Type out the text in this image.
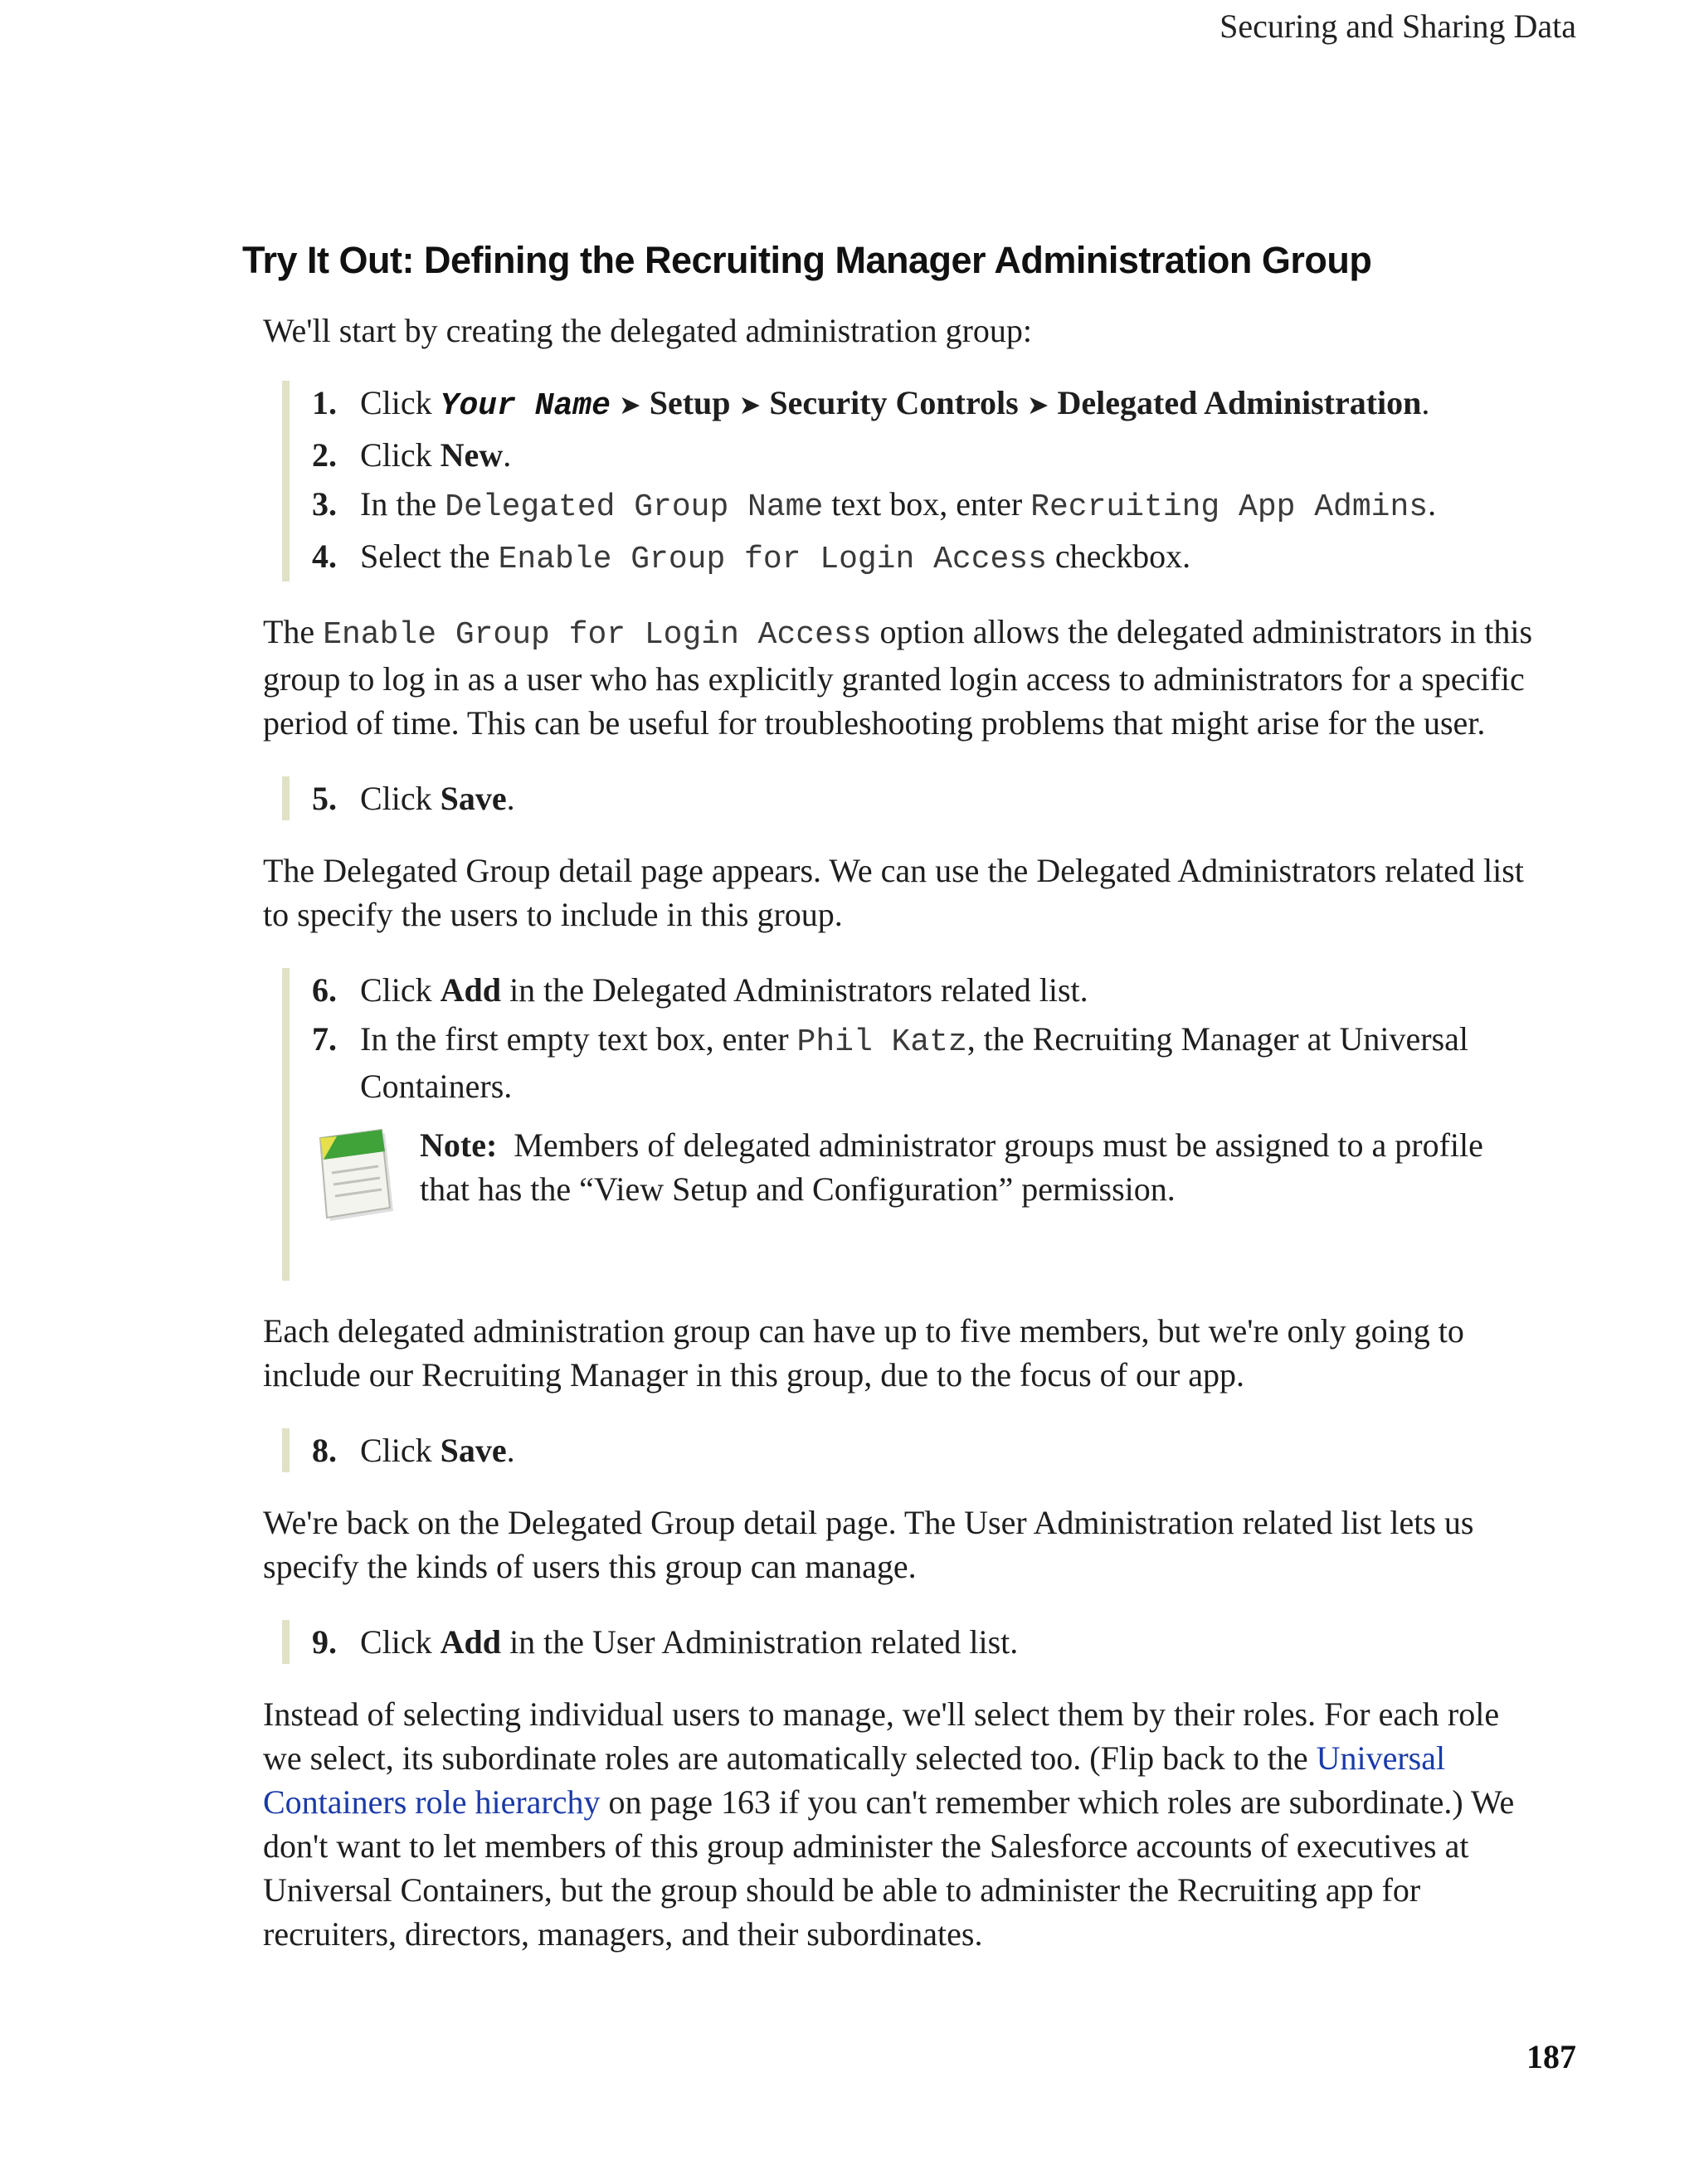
Securing and Sharing Data
Try It Out: Defining the Recruiting Manager Administration Group

We'll start by creating the delegated administration group:

1. Click Your Name ➤ Setup ➤ Security Controls ➤ Delegated Administration.
2. Click New.
3. In the Delegated Group Name text box, enter Recruiting App Admins.
4. Select the Enable Group for Login Access checkbox.

The Enable Group for Login Access option allows the delegated administrators in this group to log in as a user who has explicitly granted login access to administrators for a specific period of time. This can be useful for troubleshooting problems that might arise for the user.

5. Click Save.

The Delegated Group detail page appears. We can use the Delegated Administrators related list to specify the users to include in this group.

6. Click Add in the Delegated Administrators related list.
7. In the first empty text box, enter Phil Katz, the Recruiting Manager at Universal Containers.
Note: Members of delegated administrator groups must be assigned to a profile that has the “View Setup and Configuration” permission.

Each delegated administration group can have up to five members, but we're only going to include our Recruiting Manager in this group, due to the focus of our app.

8. Click Save.

We're back on the Delegated Group detail page. The User Administration related list lets us specify the kinds of users this group can manage.

9. Click Add in the User Administration related list.

Instead of selecting individual users to manage, we'll select them by their roles. For each role we select, its subordinate roles are automatically selected too. (Flip back to the Universal Containers role hierarchy on page 163 if you can't remember which roles are subordinate.) We don't want to let members of this group administer the Salesforce accounts of executives at Universal Containers, but the group should be able to administer the Recruiting app for recruiters, directors, managers, and their subordinates.

187
